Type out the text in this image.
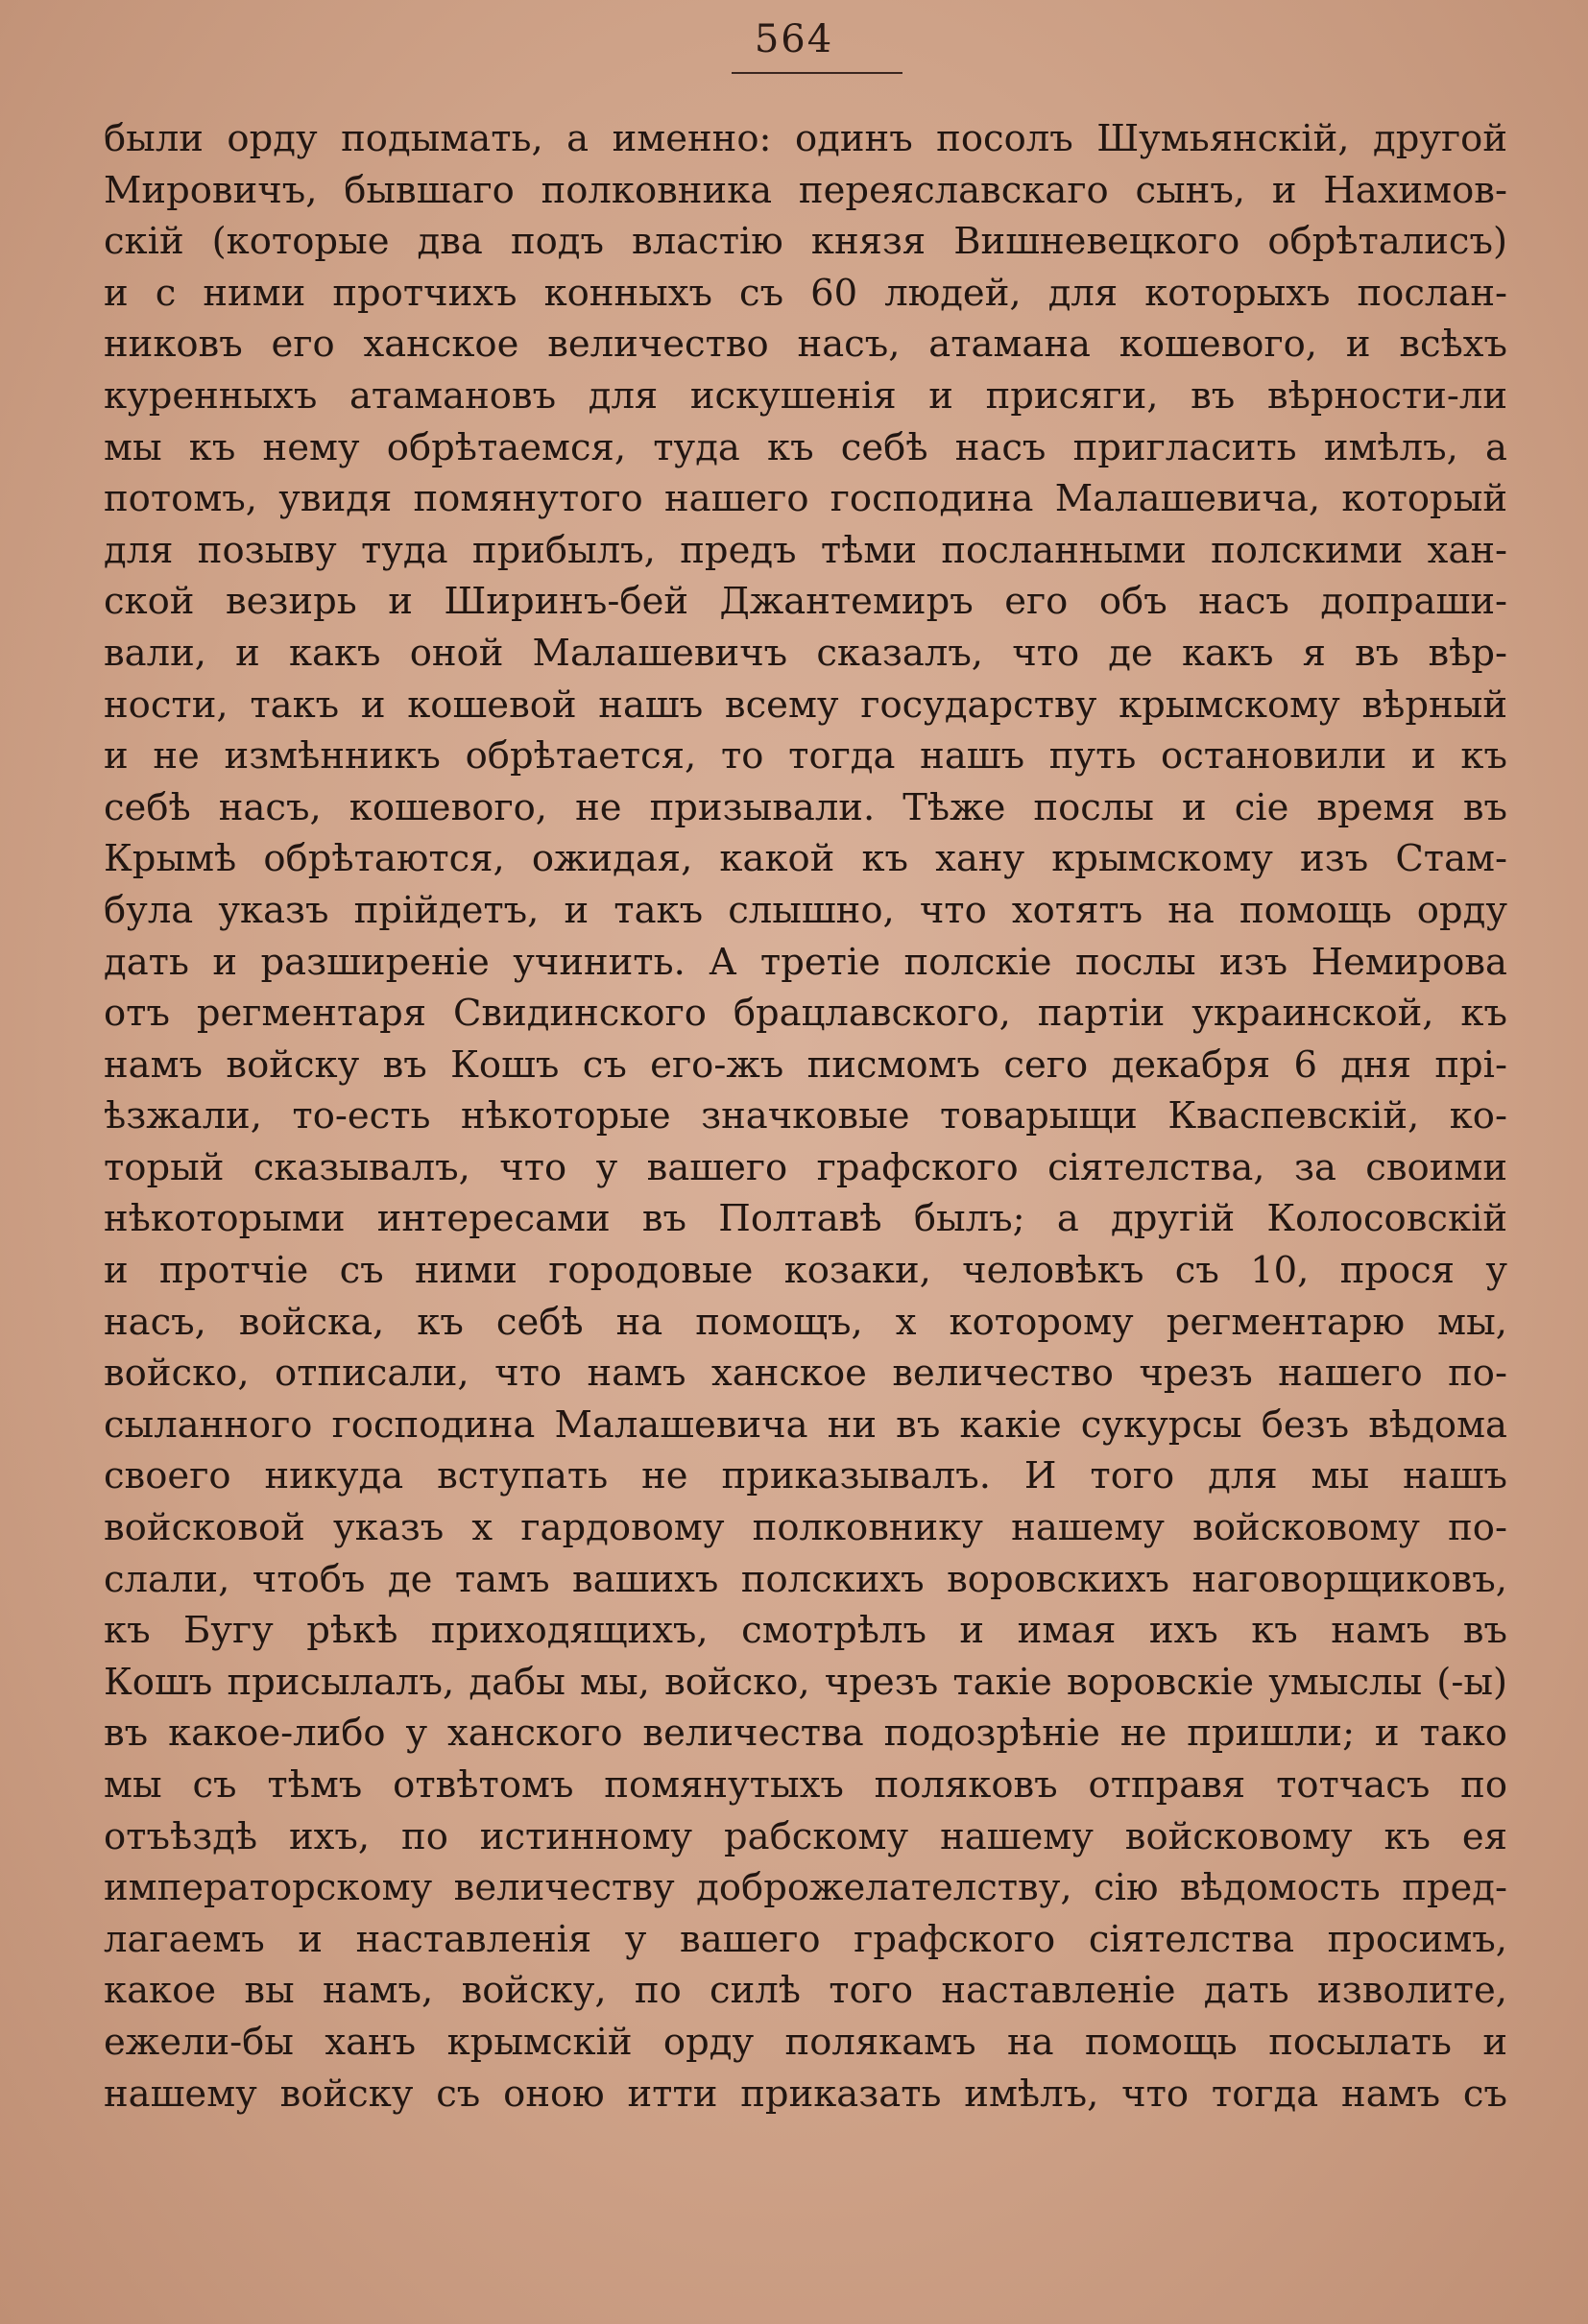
564
были орду подымать, а именно: одинъ посолъ Шумьянскій, другой
Мировичъ, бывшаго полковника переяславскаго сынъ, и Нахимов-
скій (которые два подъ властію князя Вишневецкого обрѣталисъ)
и с ними протчихъ конныхъ съ 60 людей, для которыхъ послан-
никовъ его ханское величество насъ, атамана кошевого, и всѣхъ
куренныхъ атамановъ для искушенія и присяги, въ вѣрности-ли
мы къ нему обрѣтаемся, туда къ себѣ насъ пригласить имѣлъ, а
потомъ, увидя помянутого нашего господина Малашевича, который
для позыву туда прибылъ, предъ тѣми посланными полскими хан-
ской везирь и Ширинъ-бей Джантемиръ его объ насъ допраши-
вали, и какъ оной Малашевичъ сказалъ, что де какъ я въ вѣр-
ности, такъ и кошевой нашъ всему государству крымскому вѣрный
и не измѣнникъ обрѣтается, то тогда нашъ путь остановили и къ
себѣ насъ, кошевого, не призывали. Тѣже послы и сіе время въ
Крымѣ обрѣтаются, ожидая, какой къ хану крымскому изъ Стам-
була указъ прійдетъ, и такъ слышно, что хотятъ на помощь орду
дать и разширеніе учинить. А третіе полскіе послы изъ Немирова
отъ регментаря Свидинского брацлавского, партіи украинской, къ
намъ войску въ Кошъ съ его-жъ писмомъ сего декабря 6 дня прі-
ѣзжали, то-есть нѣкоторые значковые товарыщи Кваспевскій, ко-
торый сказывалъ, что у вашего графского сіятелства, за своими
нѣкоторыми интересами въ Полтавѣ былъ; а другій Колосовскій
и протчіе съ ними городовые козаки, человѣкъ съ 10, прося у
насъ, войска, къ себѣ на помощъ, х которому регментарю мы,
войско, отписали, что намъ ханское величество чрезъ нашего по-
сыланного господина Малашевича ни въ какіе сукурсы безъ вѣдома
своего никуда вступать не приказывалъ. И того для мы нашъ
войсковой указъ х гардовому полковнику нашему войсковому по-
слали, чтобъ де тамъ вашихъ полскихъ воровскихъ наговорщиковъ,
къ Бугу рѣкѣ приходящихъ, смотрѣлъ и имая ихъ къ намъ въ
Кошъ присылалъ, дабы мы, войско, чрезъ такіе воровскіе умыслы (-ы)
въ какое-либо у ханского величества подозрѣніе не пришли; и тако
мы съ тѣмъ отвѣтомъ помянутыхъ поляковъ отправя тотчасъ по
отъѣздѣ ихъ, по истинному рабскому нашему войсковому къ ея
императорскому величеству доброжелателству, сію вѣдомость пред-
лагаемъ и наставленія у вашего графского сіятелства просимъ,
какое вы намъ, войску, по силѣ того наставленіе дать изволите,
ежели-бы ханъ крымскій орду полякамъ на помощь посылать и
нашему войску съ оною итти приказать имѣлъ, что тогда намъ съ
